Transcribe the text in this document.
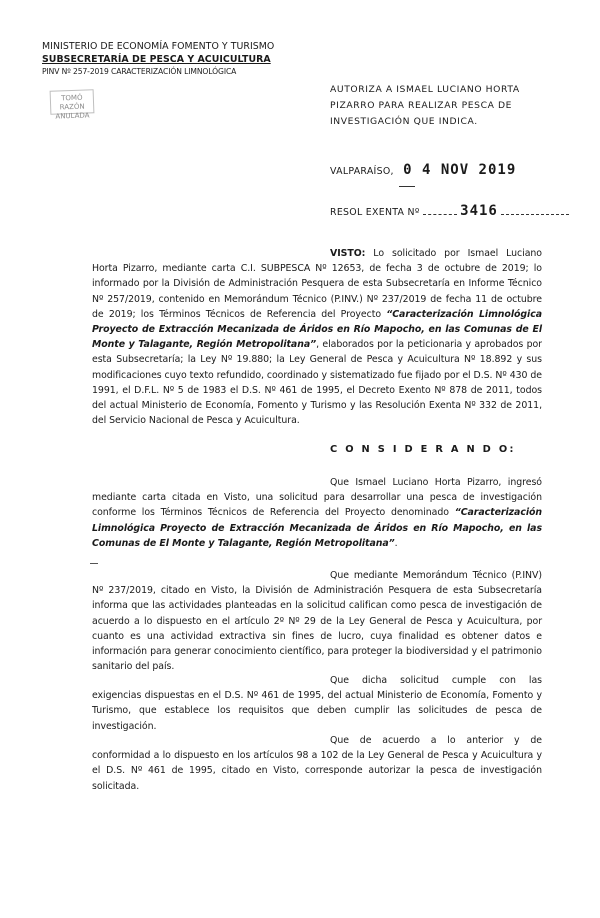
MINISTERIO DE ECONOMÍA FOMENTO Y TURISMO
SUBSECRETARÍA DE PESCA Y ACUICULTURA
PINV Nº 257-2019 CARACTERIZACIÓN LIMNOLÓGICA
TOMÓ RAZÓN
ANULADA
AUTORIZA A ISMAEL LUCIANO HORTA PIZARRO PARA REALIZAR PESCA DE INVESTIGACIÓN QUE INDICA.
VALPARAÍSO, 0 4 NOV 2019
RESOL EXENTA Nº	3416
VISTO: Lo solicitado por Ismael Luciano Horta Pizarro, mediante carta C.I. SUBPESCA Nº 12653, de fecha 3 de octubre de 2019; lo informado por la División de Administración Pesquera de esta Subsecretaría en Informe Técnico Nº 257/2019, contenido en Memorándum Técnico (P.INV.) Nº 237/2019 de fecha 11 de octubre de 2019; los Términos Técnicos de Referencia del Proyecto “Caracterización Limnológica Proyecto de Extracción Mecanizada de Áridos en Río Mapocho, en las Comunas de El Monte y Talagante, Región Metropolitana”, elaborados por la peticionaria y aprobados por esta Subsecretaría; la Ley Nº 19.880; la Ley General de Pesca y Acuicultura Nº 18.892 y sus modificaciones cuyo texto refundido, coordinado y sistematizado fue fijado por el D.S. Nº 430 de 1991, el D.F.L. Nº 5 de 1983 el D.S. Nº 461 de 1995, el Decreto Exento Nº 878 de 2011, todos del actual Ministerio de Economía, Fomento y Turismo y las Resolución Exenta Nº 332 de 2011, del Servicio Nacional de Pesca y Acuicultura.
C O N S I D E R A N D O:
Que Ismael Luciano Horta Pizarro, ingresó mediante carta citada en Visto, una solicitud para desarrollar una pesca de investigación conforme los Términos Técnicos de Referencia del Proyecto denominado “Caracterización Limnológica Proyecto de Extracción Mecanizada de Áridos en Río Mapocho, en las Comunas de El Monte y Talagante, Región Metropolitana”.
Que mediante Memorándum Técnico (P.INV) Nº 237/2019, citado en Visto, la División de Administración Pesquera de esta Subsecretaría informa que las actividades planteadas en la solicitud califican como pesca de investigación de acuerdo a lo dispuesto en el artículo 2º Nº 29 de la Ley General de Pesca y Acuicultura, por cuanto es una actividad extractiva sin fines de lucro, cuya finalidad es obtener datos e información para generar conocimiento científico, para proteger la biodiversidad y el patrimonio sanitario del país.
Que dicha solicitud cumple con las exigencias dispuestas en el D.S. Nº 461 de 1995, del actual Ministerio de Economía, Fomento y Turismo, que establece los requisitos que deben cumplir las solicitudes de pesca de investigación.
Que de acuerdo a lo anterior y de conformidad a lo dispuesto en los artículos 98 a 102 de la Ley General de Pesca y Acuicultura y el D.S. Nº 461 de 1995, citado en Visto, corresponde autorizar la pesca de investigación solicitada.
